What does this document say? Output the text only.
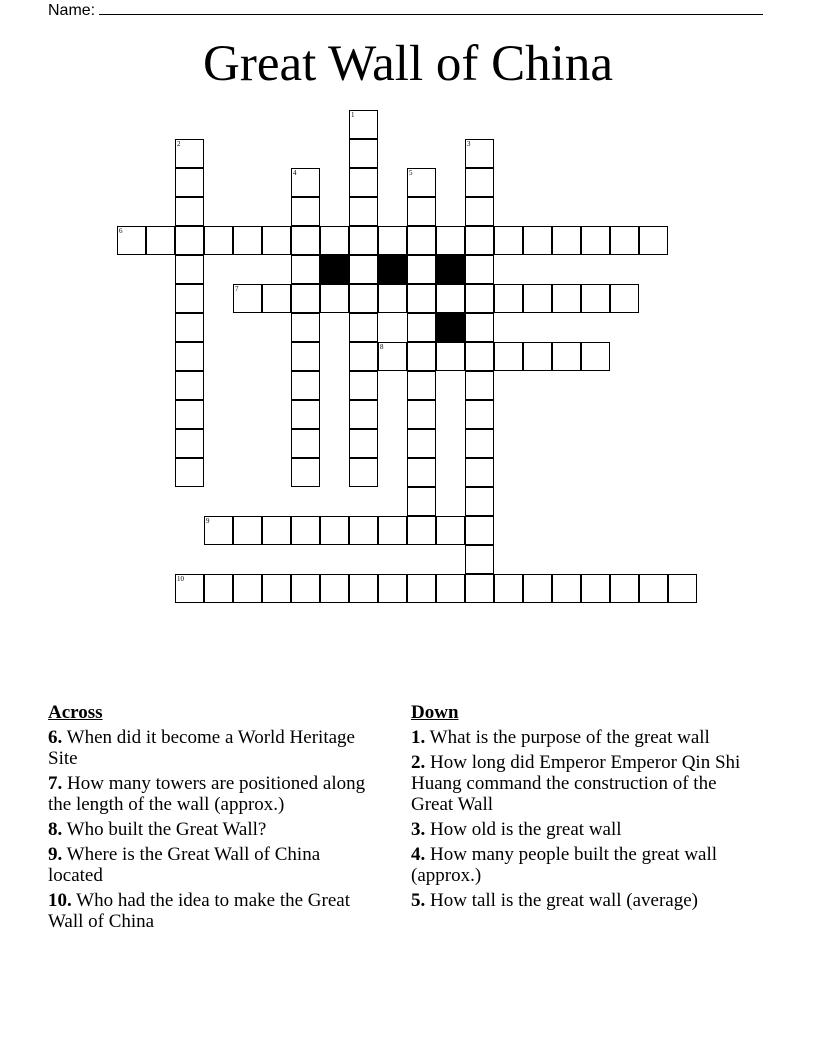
Name:
Great Wall of China
1
2	3
4	5
6
7
8
9
10
Across
6. When did it become a World Heritage Site
7. How many towers are positioned along the length of the wall (approx.)
8. Who built the Great Wall?
9. Where is the Great Wall of China located
10. Who had the idea to make the Great Wall of China
Down
1. What is the purpose of the great wall
2. How long did Emperor Emperor Qin Shi Huang command the construction of the Great Wall
3. How old is the great wall
4. How many people built the great wall (approx.)
5. How tall is the great wall (average)
